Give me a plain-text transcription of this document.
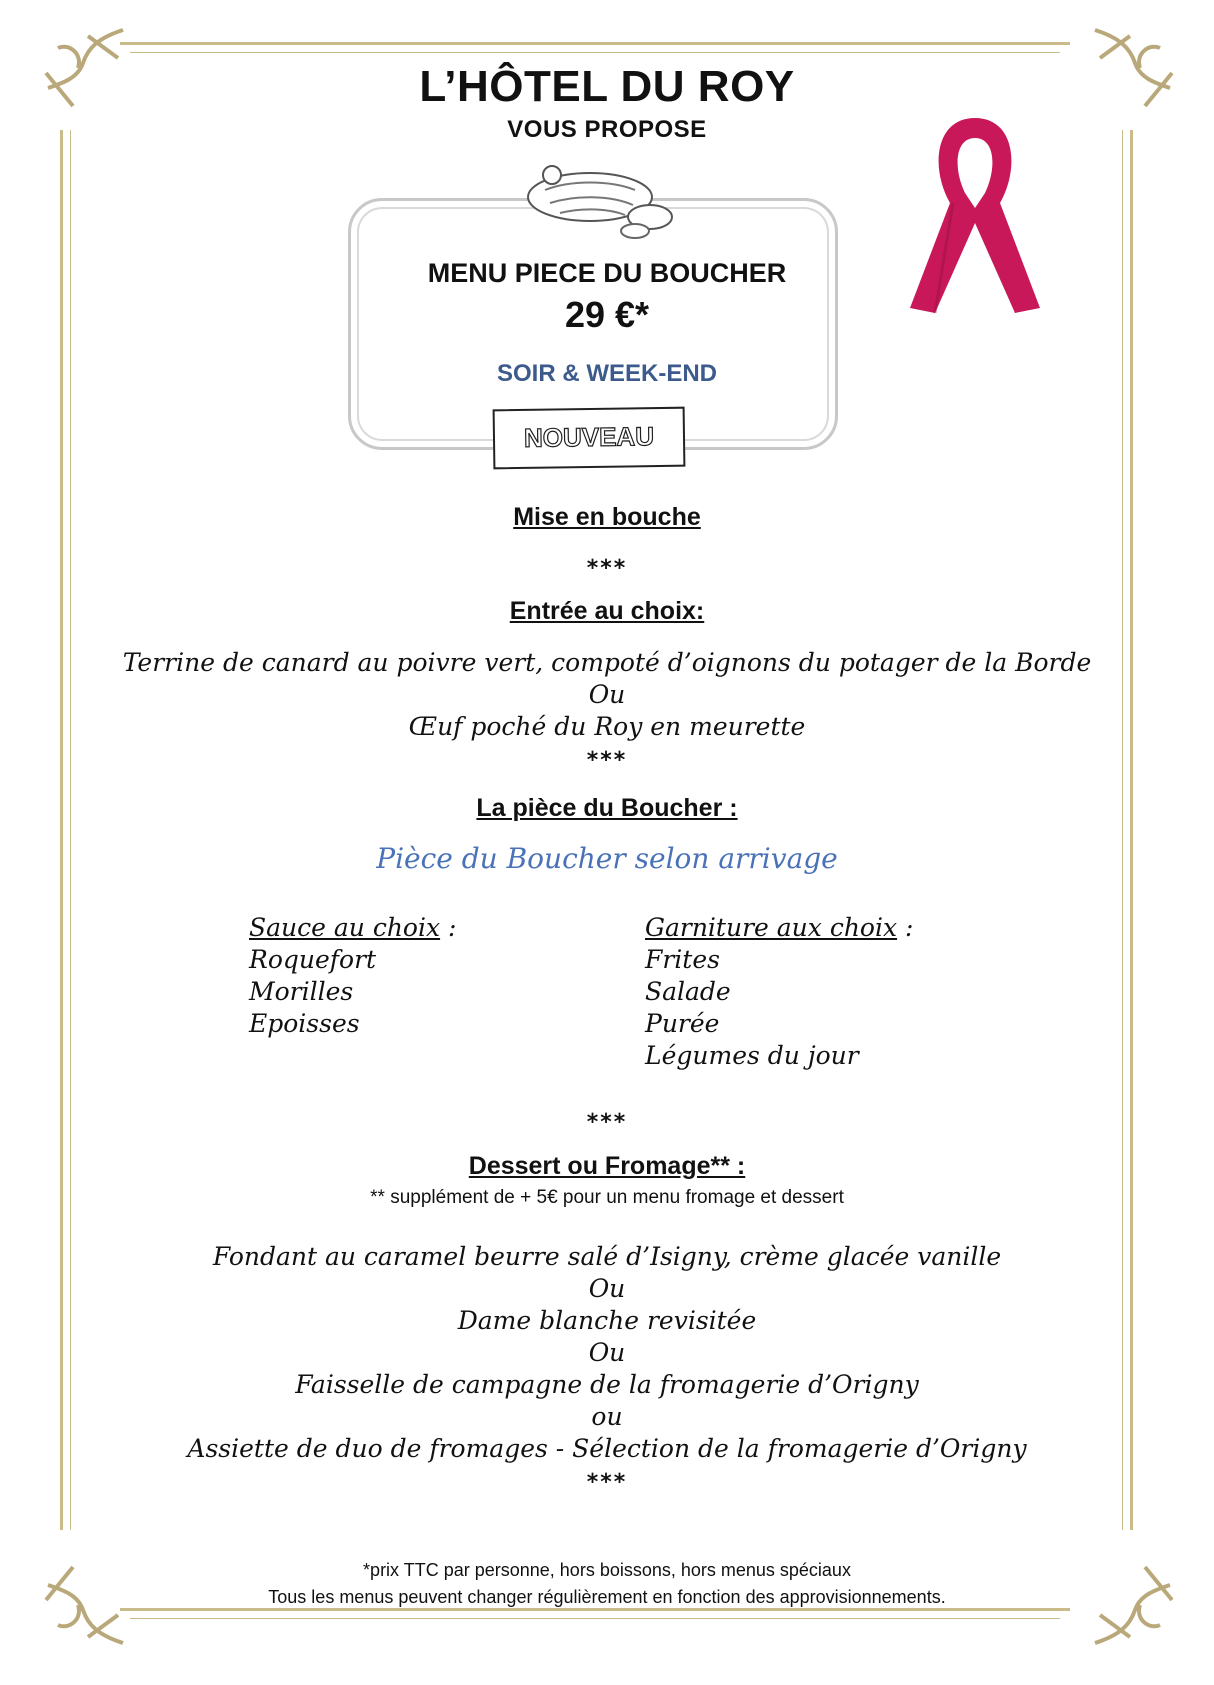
L’HÔTEL DU ROY
VOUS PROPOSE
MENU PIECE DU BOUCHER
29 €*
SOIR & WEEK-END
NOUVEAU
Mise en bouche
***
Entrée au choix:
Terrine de canard au poivre vert, compoté d’oignons du potager de la Borde
Ou
Œuf poché du Roy en meurette
***
La pièce du Boucher :
Pièce du Boucher selon arrivage
Sauce au choix :
Roquefort
Morilles
Epoisses
Garniture aux choix :
Frites
Salade
Purée
Légumes du jour
***
Dessert ou Fromage** :
** supplément de + 5€ pour un menu fromage et dessert
Fondant au caramel beurre salé d’Isigny, crème glacée vanille
Ou
Dame blanche revisitée
Ou
Faisselle de campagne de la fromagerie d’Origny
ou
Assiette de duo de fromages - Sélection de la fromagerie d’Origny
***
*prix TTC par personne, hors boissons, hors menus spéciaux
Tous les menus peuvent changer régulièrement en fonction des approvisionnements.
